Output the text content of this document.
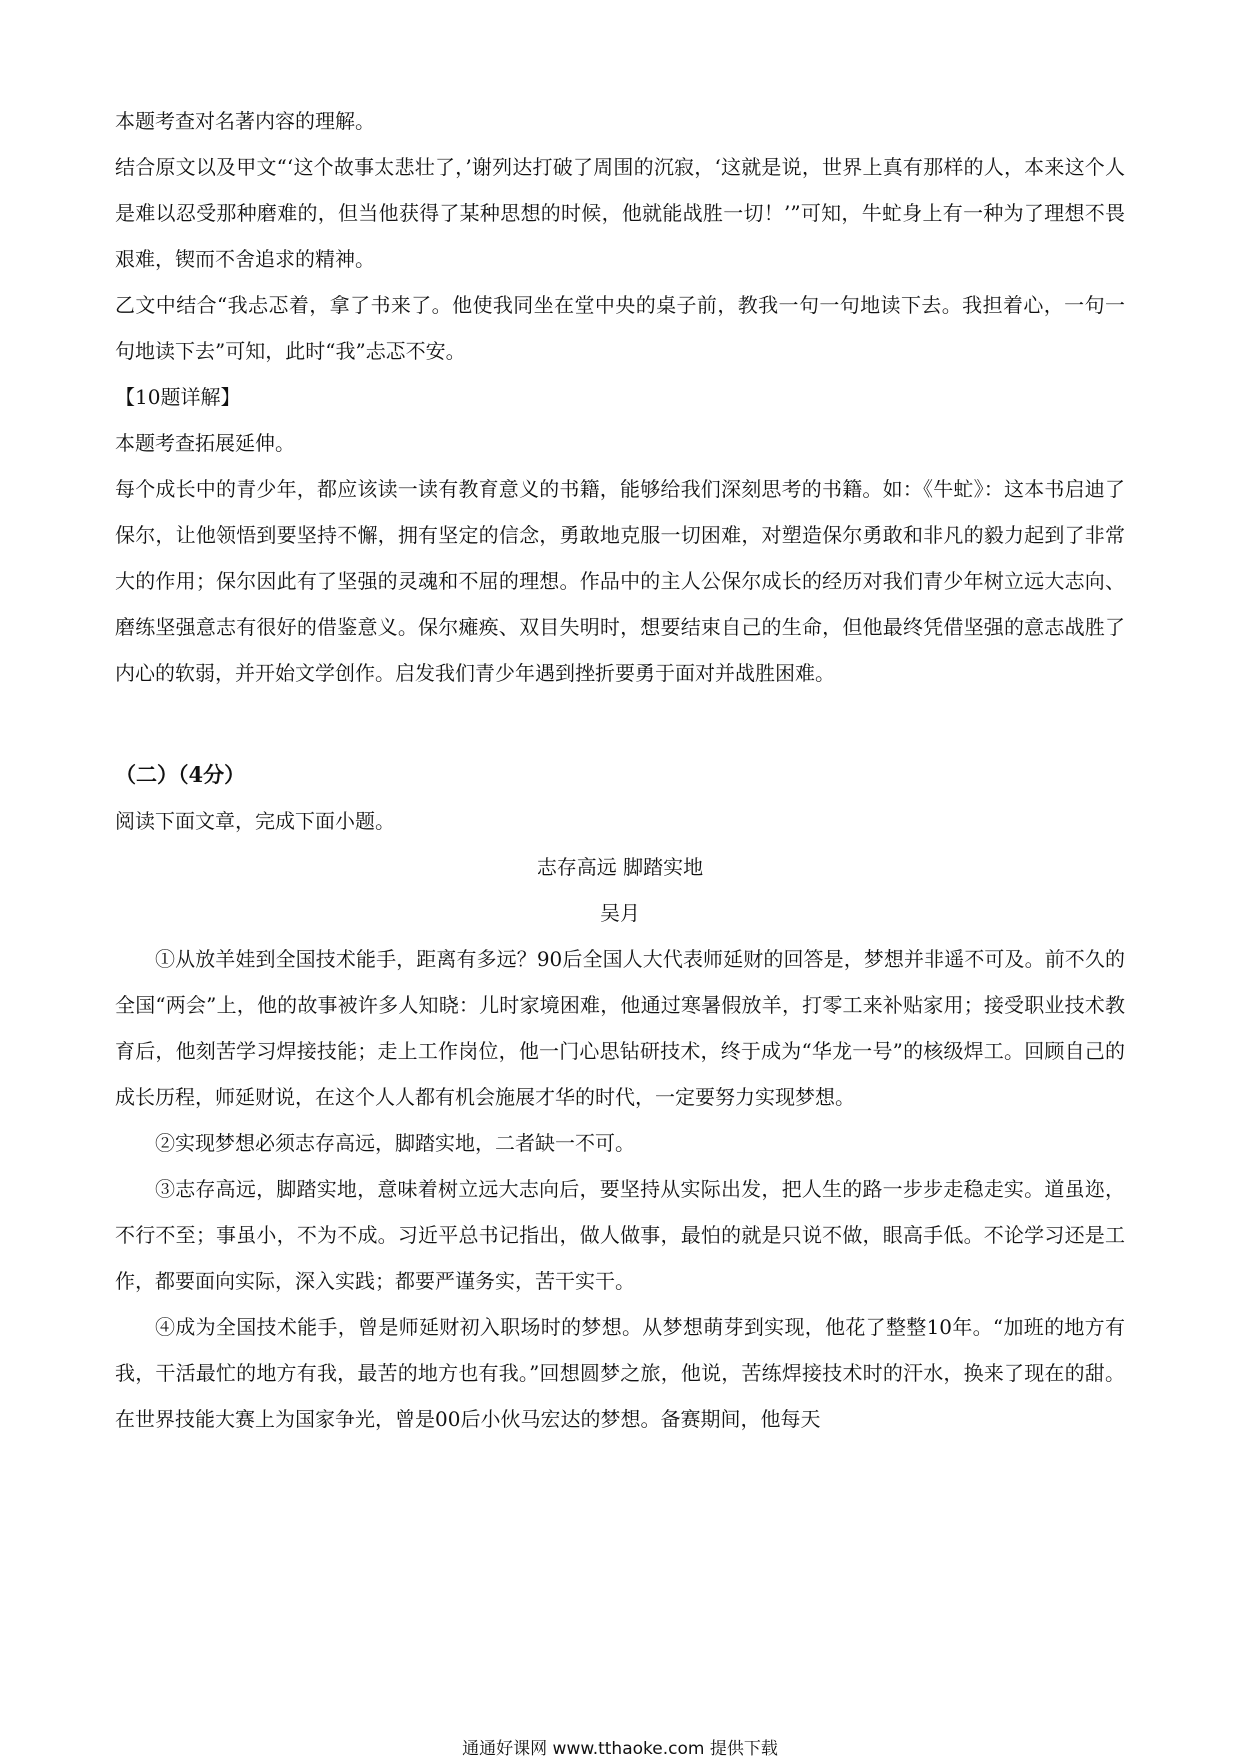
本题考查对名著内容的理解。

结合原文以及甲文“‘这个故事太悲壮了，’谢列达打破了周围的沉寂，‘这就是说，世界上真有那样的人，本来这个人是难以忍受那种磨难的，但当他获得了某种思想的时候，他就能战胜一切！’”可知，牛虻身上有一种为了理想不畏艰难，锲而不舍追求的精神。

乙文中结合“我忐忑着，拿了书来了。他使我同坐在堂中央的桌子前，教我一句一句地读下去。我担着心，一句一句地读下去”可知，此时“我”忐忑不安。

【10题详解】

本题考查拓展延伸。

每个成长中的青少年，都应该读一读有教育意义的书籍，能够给我们深刻思考的书籍。如：《牛虻》：这本书启迪了保尔，让他领悟到要坚持不懈，拥有坚定的信念，勇敢地克服一切困难，对塑造保尔勇敢和非凡的毅力起到了非常大的作用；保尔因此有了坚强的灵魂和不屈的理想。作品中的主人公保尔成长的经历对我们青少年树立远大志向、磨练坚强意志有很好的借鉴意义。保尔瘫痪、双目失明时，想要结束自己的生命，但他最终凭借坚强的意志战胜了内心的软弱，并开始文学创作。启发我们青少年遇到挫折要勇于面对并战胜困难。

（二）（4分）

阅读下面文章，完成下面小题。

志存高远 脚踏实地

吴月

①从放羊娃到全国技术能手，距离有多远？90后全国人大代表师延财的回答是，梦想并非遥不可及。前不久的全国“两会”上，他的故事被许多人知晓：儿时家境困难，他通过寒暑假放羊，打零工来补贴家用；接受职业技术教育后，他刻苦学习焊接技能；走上工作岗位，他一门心思钻研技术，终于成为“华龙一号”的核级焊工。回顾自己的成长历程，师延财说，在这个人人都有机会施展才华的时代，一定要努力实现梦想。

②实现梦想必须志存高远，脚踏实地，二者缺一不可。

③志存高远，脚踏实地，意味着树立远大志向后，要坚持从实际出发，把人生的路一步步走稳走实。道虽迩，不行不至；事虽小，不为不成。习近平总书记指出，做人做事，最怕的就是只说不做，眼高手低。不论学习还是工作，都要面向实际，深入实践；都要严谨务实，苦干实干。

④成为全国技术能手，曾是师延财初入职场时的梦想。从梦想萌芽到实现，他花了整整10年。“加班的地方有我，干活最忙的地方有我，最苦的地方也有我。”回想圆梦之旅，他说，苦练焊接技术时的汗水，换来了现在的甜。在世界技能大赛上为国家争光，曾是00后小伙马宏达的梦想。备赛期间，他每天

通通好课网 www.tthaoke.com 提供下载
